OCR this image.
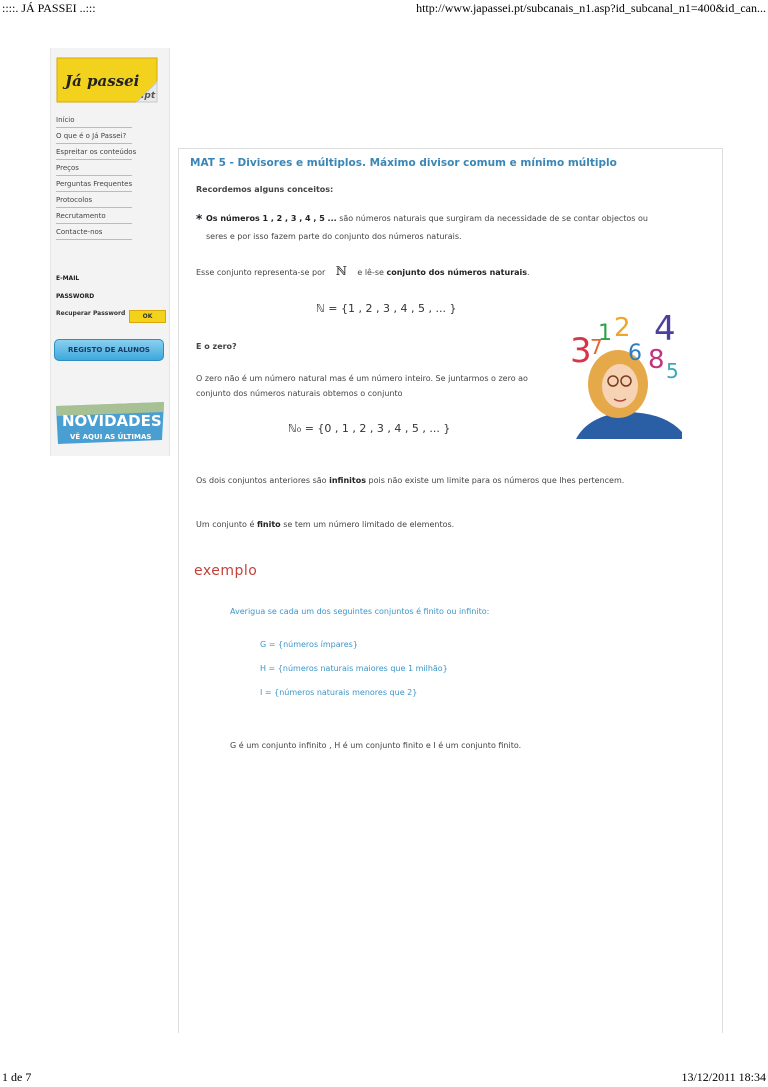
::::. JÁ PASSEI ..:::	http://www.japassei.pt/subcanais_n1.asp?id_subcanal_n1=400&id_can...
Já passei
.pt
Início
O que é o Já Passei?
Espreitar os conteúdos
Preços
Perguntas Frequentes
Protocolos
Recrutamento
Contacte-nos
E-MAIL
PASSWORD
Recuperar Password	OK
REGISTO DE ALUNOS
NOVIDADES
VÊ AQUI AS ÚLTIMAS
MAT 5 - Divisores e múltiplos. Máximo divisor comum e mínimo múltiplo
Recordemos alguns conceitos:
* Os números 1 , 2 , 3 , 4 , 5 ... são números naturais que surgiram da necessidade de se contar objectos ou
seres e por isso fazem parte do conjunto dos números naturais.
Esse conjunto representa-se por ℕ e lê-se conjunto dos números naturais.
ℕ = {1 , 2 , 3 , 4 , 5 , ... }
E o zero?
O zero não é um número natural mas é um número inteiro. Se juntarmos o zero ao
conjunto dos números naturais obtemos o conjunto
ℕ₀ = {0 , 1 , 2 , 3 , 4 , 5 , ... }
Os dois conjuntos anteriores são infinitos pois não existe um limite para os números que lhes pertencem.
Um conjunto é finito se tem um número limitado de elementos.
exemplo
Averigua se cada um dos seguintes conjuntos é finito ou infinito:
G = {números ímpares}
H = {números naturais maiores que 1 milhão}
I = {números naturais menores que 2}
G é um conjunto infinito , H é um conjunto finito e I é um conjunto finito.
3 1 2 4
7 6 8 5
1 de 7	13/12/2011 18:34
